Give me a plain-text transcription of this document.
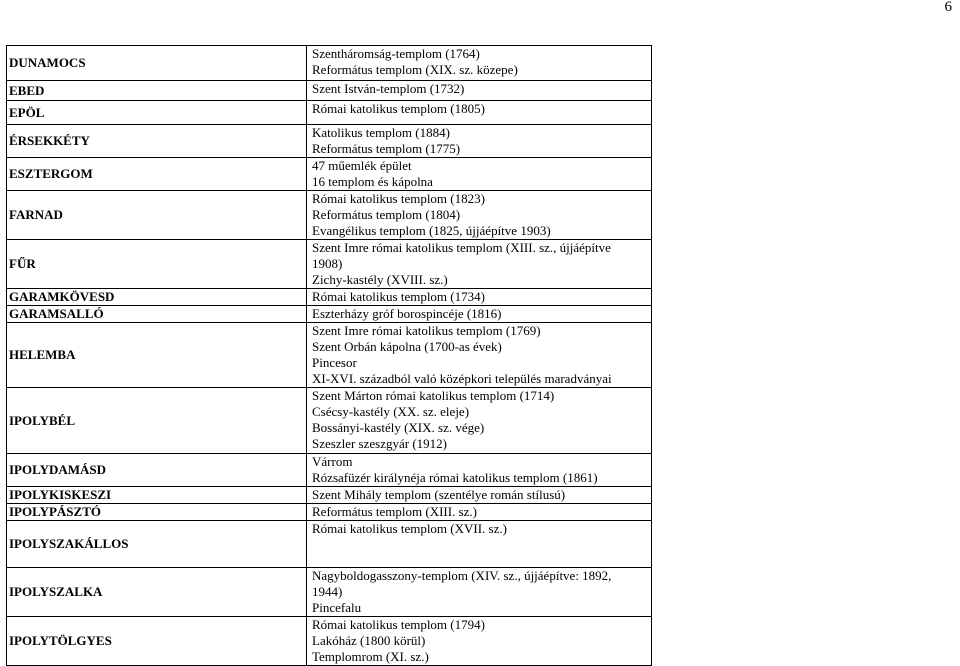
6
DUNAMOCS	Szentháromság-templom (1764)
Református templom (XIX. sz. közepe)

EBED	Szent István-templom (1732)

EPÖL	Római katolikus templom (1805)

ÉRSEKKÉTY	Katolikus templom (1884)
Református templom (1775)

ESZTERGOM	47 műemlék épület
16 templom és kápolna

FARNAD	Római katolikus templom (1823)
Református templom (1804)
Evangélikus templom (1825, újjáépítve 1903)

FŰR	Szent Imre római katolikus templom (XIII. sz., újjáépítve
1908)
Zichy-kastély (XVIII. sz.)

GARAMKÖVESD	Római katolikus templom (1734)

GARAMSALLÓ	Eszterházy gróf borospincéje (1816)

HELEMBA	Szent Imre római katolikus templom (1769)
Szent Orbán kápolna (1700-as évek)
Pincesor
XI-XVI. századból való középkori település maradványai

IPOLYBÉL	Szent Márton római katolikus templom (1714)
Csécsy-kastély (XX. sz. eleje)
Bossányi-kastély (XIX. sz. vége)
Szeszler szeszgyár (1912)

IPOLYDAMÁSD	Várrom
Rózsafüzér királynéja római katolikus templom (1861)

IPOLYKISKESZI	Szent Mihály templom (szentélye román stílusú)

IPOLYPÁSZTÓ	Református templom (XIII. sz.)

IPOLYSZAKÁLLOS	Római katolikus templom (XVII. sz.)

IPOLYSZALKA	Nagyboldogasszony-templom (XIV. sz., újjáépítve: 1892,
1944)
Pincefalu

IPOLYTÖLGYES	Római katolikus templom (1794)
Lakóház (1800 körül)
Templomrom (XI. sz.)
